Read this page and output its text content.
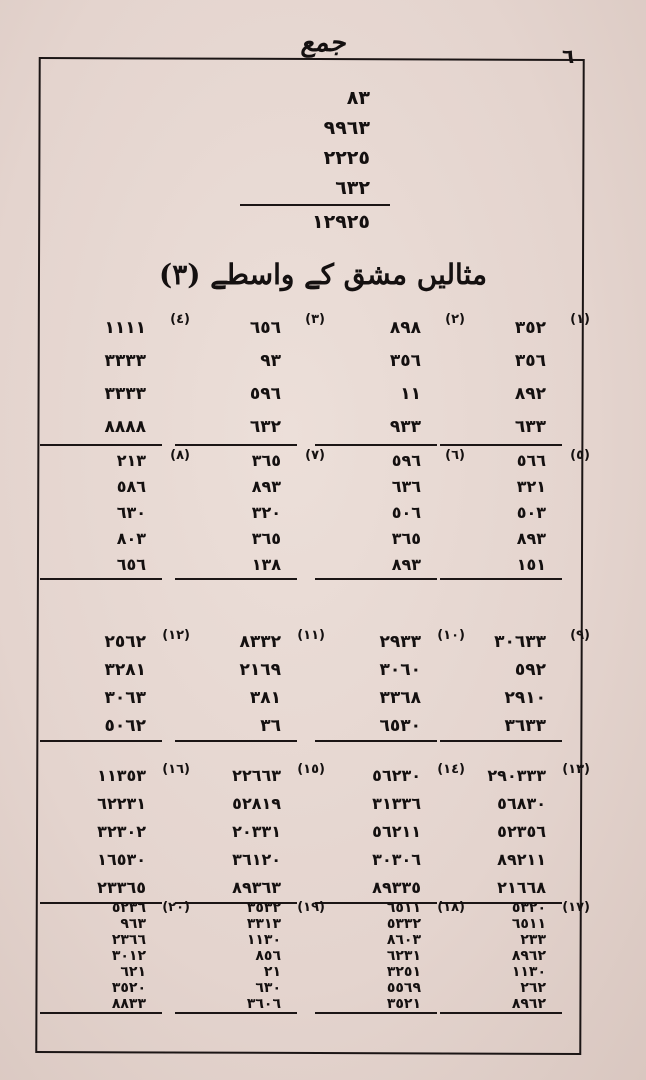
جمع	٦
٨٣
٩٩٦٣
٢٢٢٥
٦٣٢
١٢٩٢٥
مثالیں مشق کے واسطے (٣)
(١)
٣٥٢
٣٥٦
٨٩٢
٦٣٣
(٢)
٨٩٨
٣٥٦
١١
٩٣٣
(٣)
٦٥٦
٩٣
٥٩٦
٦٣٢
(٤)
١١١١
٣٣٣٣
٣٣٣٣
٨٨٨٨
(٥)
٥٦٦
٣٢١
٥٠٣
٨٩٣
١٥١
(٦)
٥٩٦
٦٣٦
٥٠٦
٣٦٥
٨٩٣
(٧)
٣٦٥
٨٩٣
٣٢٠
٣٦٥
١٣٨
(٨)
٢١٣
٥٨٦
٦٣٠
٨٠٣
٦٥٦
(٩)
٣٠٦٣٣
٥٩٢
٢٩١٠
٣٦٣٣
(١٠)
٢٩٣٣
٣٠٦٠
٣٣٦٨
٦٥٣٠
(١١)
٨٣٣٢
٢١٦٩
٣٨١
٣٦
(١٢)
٢٥٦٢
٣٢٨١
٣٠٦٣
٥٠٦٢
(١٣)
٢٩٠٣٣٣
٥٦٨٣٠
٥٢٣٥٦
٨٩٢١١
٢١٦٦٨
(١٤)
٥٦٢٣٠
٣١٣٣٦
٥٦٢١١
٣٠٣٠٦
٨٩٣٣٥
(١٥)
٢٢٦٦٣
٥٢٨١٩
٢٠٣٣١
٣٦١٢٠
٨٩٣٦٣
(١٦)
١١٣٥٣
٦٢٢٣١
٣٢٣٠٢
١٦٥٣٠
٢٣٣٦٥
(١٧)
٥٣٢٠
٦٥١١
٢٣٣
٨٩٦٢
١١٣٠
٢٦٢
٨٩٦٢
(١٨)
٦٥١١
٥٣٣٢
٨٦٠٣
٦٢٣١
٣٢٥١
٥٥٦٩
٣٥٢١
(١٩)
٣٥٣٢
٣٣١٣
١١٣٠
٨٥٦
٢١
٦٣٠
٣٦٠٦
(٢٠)
٥٢٣٦
٩٦٣
٢٣٦٦
٣٠١٢
٦٢١
٣٥٢٠
٨٨٣٣
